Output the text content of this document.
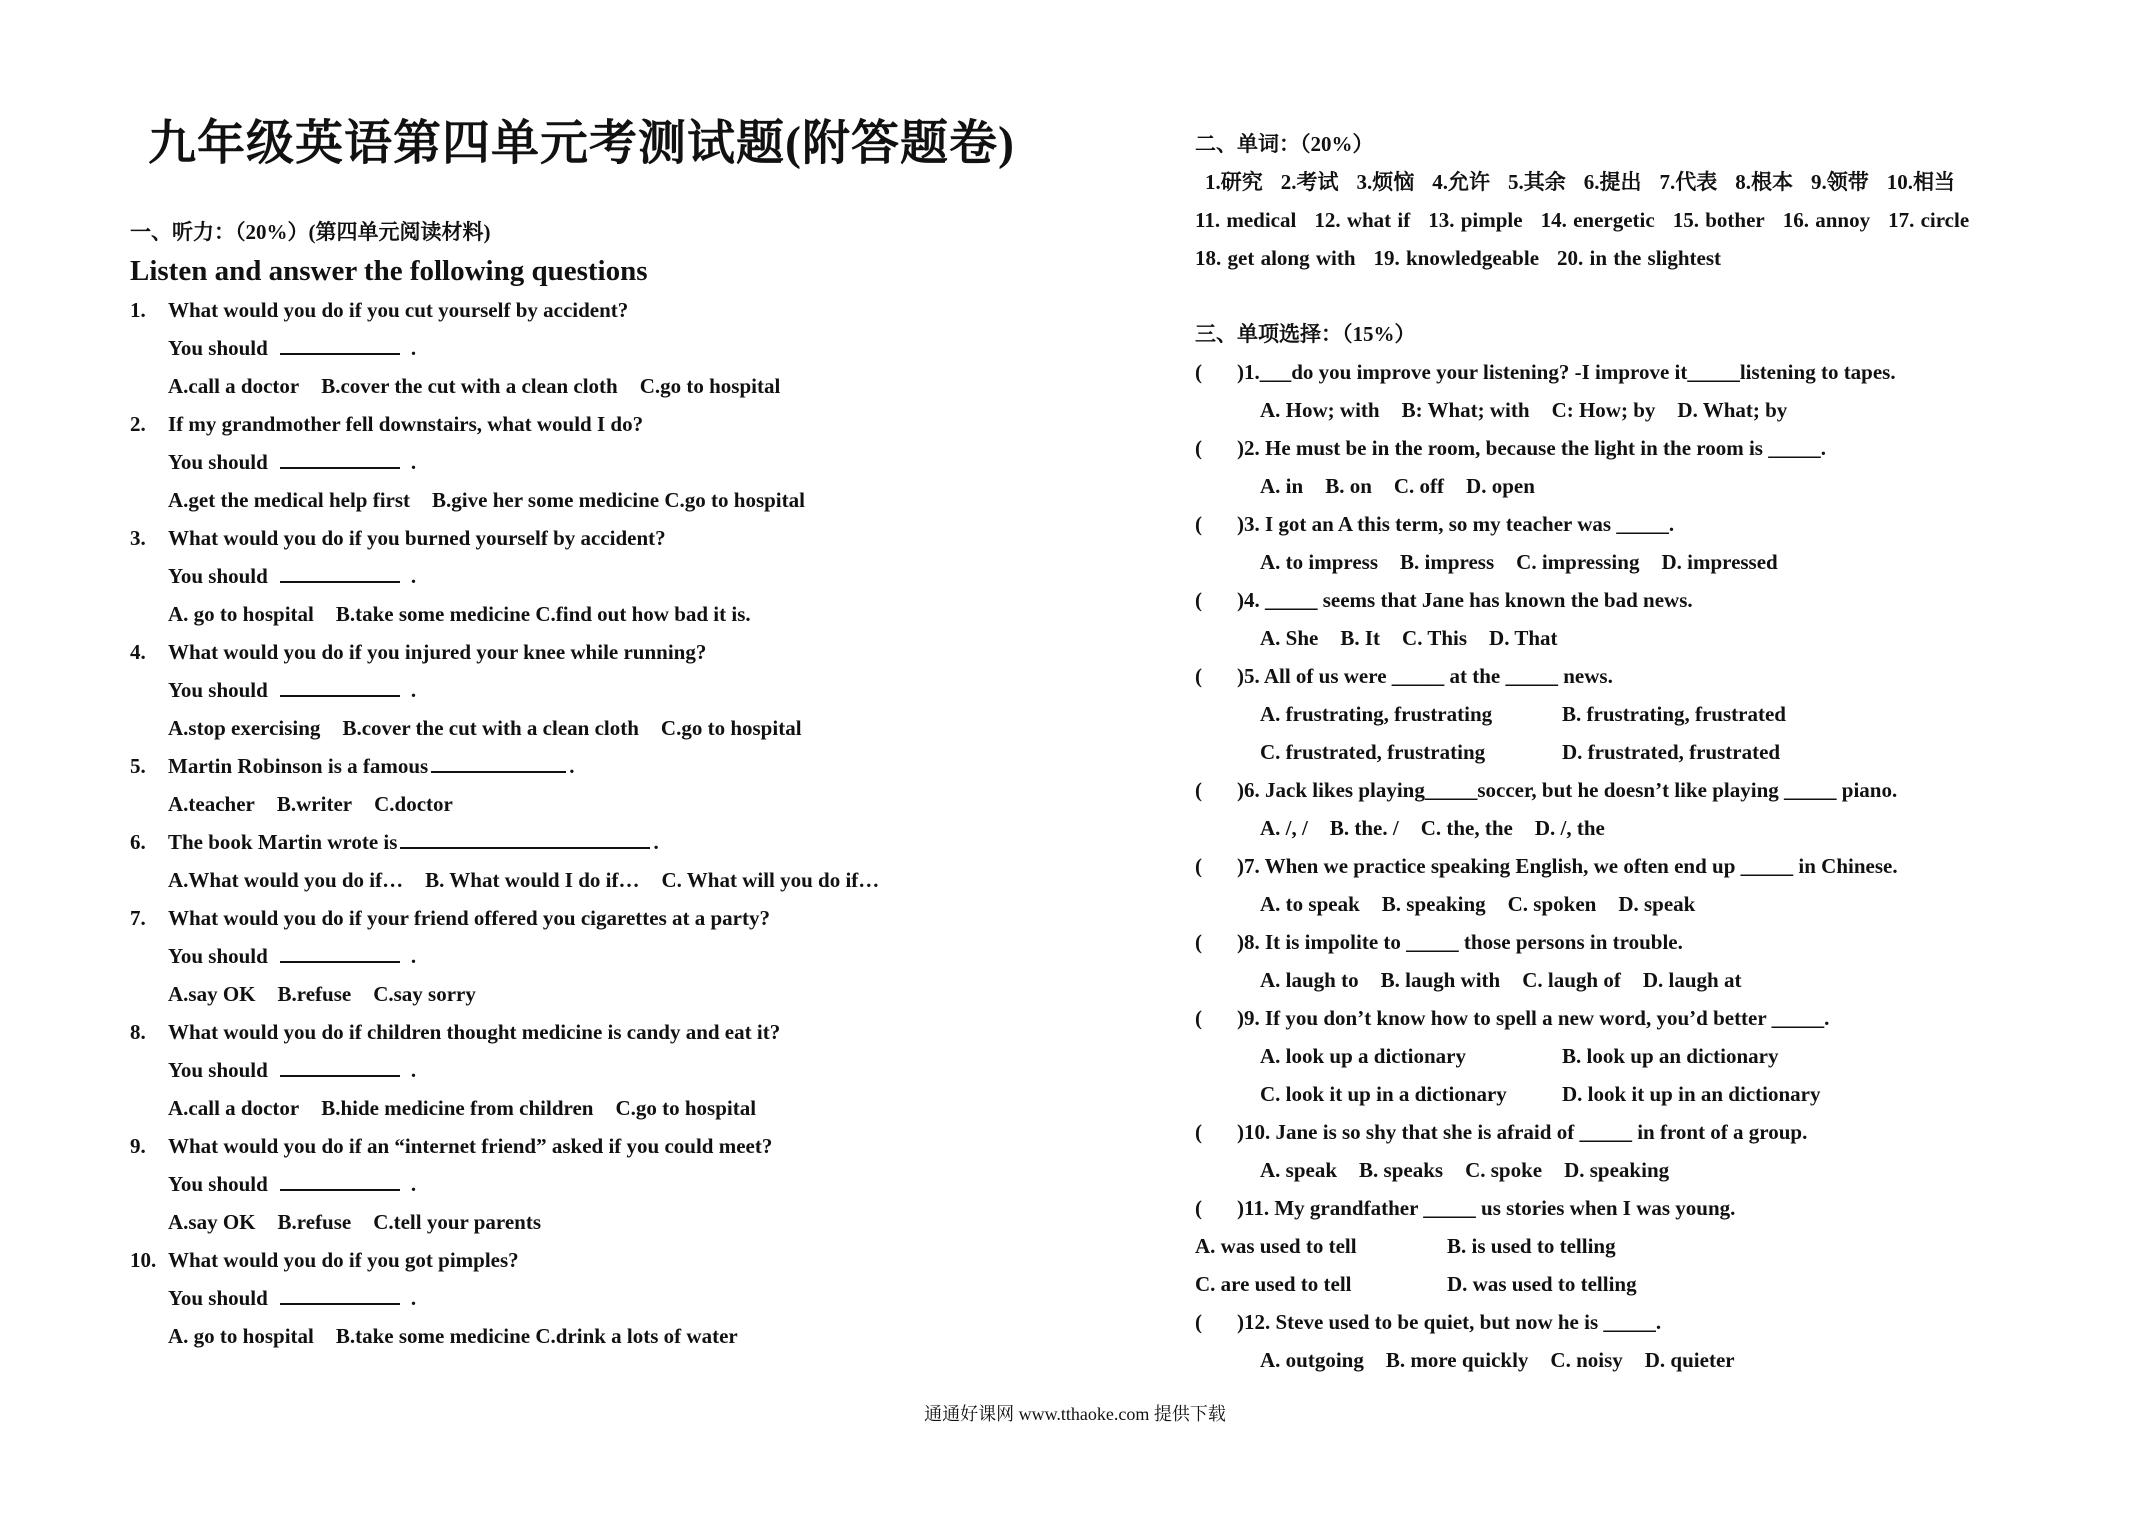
九年级英语第四单元考测试题(附答题卷)
一、听力：（20%）(第四单元阅读材料)
Listen and answer the following questions
1. What would you do if you cut yourself by accident?
You should	.
A.call a doctor B.cover the cut with a clean cloth C.go to hospital
2. If my grandmother fell downstairs, what would I do?
You should	.
A.get the medical help first B.give her some medicine C.go to hospital
3. What would you do if you burned yourself by accident?
You should	.
A. go to hospital B.take some medicine C.find out how bad it is.
4. What would you do if you injured your knee while running?
You should	.
A.stop exercising B.cover the cut with a clean cloth C.go to hospital
5. Martin Robinson is a famous	.
A.teacher B.writer C.doctor
6. The book Martin wrote is	.
A.What would you do if… B. What would I do if… C. What will you do if…
7. What would you do if your friend offered you cigarettes at a party?
You should	.
A.say OK B.refuse C.say sorry
8. What would you do if children thought medicine is candy and eat it?
You should	.
A.call a doctor B.hide medicine from children C.go to hospital
9. What would you do if an “internet friend” asked if you could meet?
You should	.
A.say OK B.refuse C.tell your parents
10. What would you do if you got pimples?
You should	.
A. go to hospital B.take some medicine C.drink a lots of water
二、单词：（20%）
1.研究 2.考试 3.烦恼 4.允许 5.其余 6.提出 7.代表 8.根本 9.领带 10.相当
11. medical 12. what if 13. pimple 14. energetic 15. bother 16. annoy 17. circle
18. get along with 19. knowledgeable 20. in the slightest
三、单项选择：（15%）
( )1.___do you improve your listening? -I improve it_____listening to tapes.
A. How; with B: What; with C: How; by D. What; by
( )2. He must be in the room, because the light in the room is _____.
A. in B. on C. off D. open
( )3. I got an A this term, so my teacher was _____.
A. to impress B. impress C. impressing D. impressed
( )4. _____ seems that Jane has known the bad news.
A. She B. It C. This D. That
( )5. All of us were _____ at the _____ news.
A. frustrating, frustrating	B. frustrating, frustrated
C. frustrated, frustrating	D. frustrated, frustrated
( )6. Jack likes playing_____soccer, but he doesn’t like playing _____ piano.
A. /, / B. the. / C. the, the D. /, the
( )7. When we practice speaking English, we often end up _____ in Chinese.
A. to speak B. speaking C. spoken D. speak
( )8. It is impolite to _____ those persons in trouble.
A. laugh to B. laugh with C. laugh of D. laugh at
( )9. If you don’t know how to spell a new word, you’d better _____.
A. look up a dictionary	B. look up an dictionary
C. look it up in a dictionary	D. look it up in an dictionary
( )10. Jane is so shy that she is afraid of _____ in front of a group.
A. speak B. speaks C. spoke D. speaking
( )11. My grandfather _____ us stories when I was young.
A. was used to tell	B. is used to telling
C. are used to tell	D. was used to telling
( )12. Steve used to be quiet, but now he is _____.
A. outgoing B. more quickly C. noisy D. quieter
通通好课网 www.tthaoke.com 提供下载
